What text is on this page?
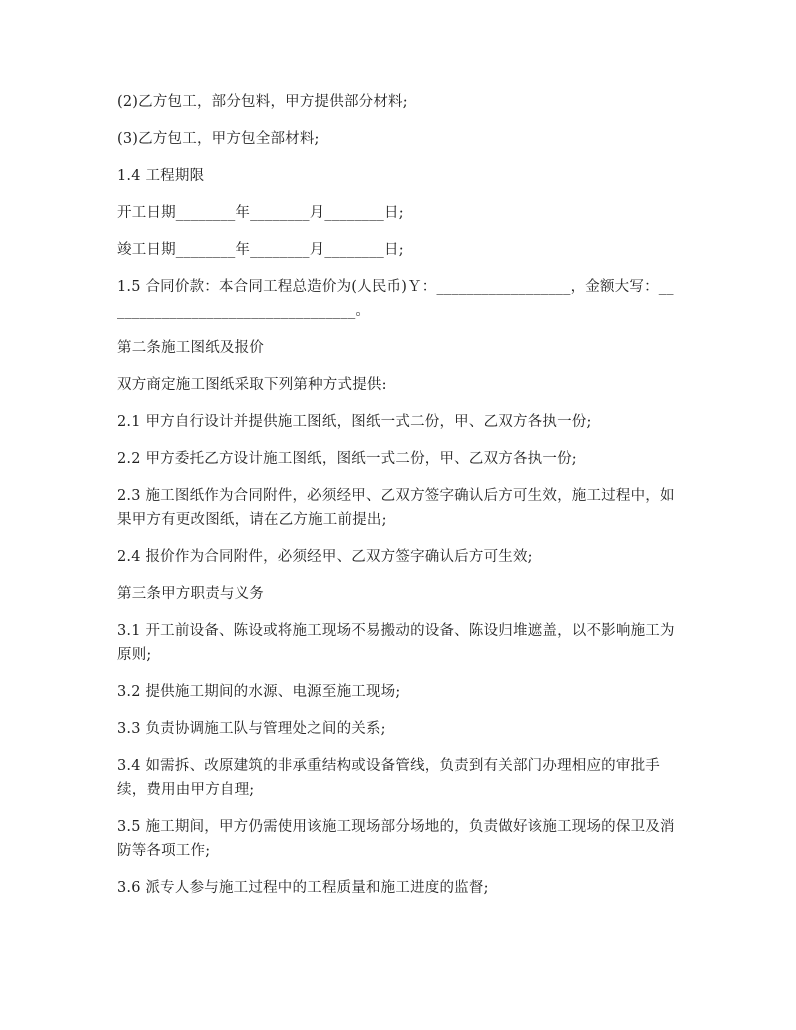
(2)乙方包工，部分包料，甲方提供部分材料;

(3)乙方包工，甲方包全部材料;

1.4 工程期限

开工日期________年________月________日;

竣工日期________年________月________日;

1.5 合同价款：本合同工程总造价为(人民币)Ｙ：__________________，金额大写：__________________________________。

第二条施工图纸及报价

双方商定施工图纸采取下列第种方式提供:

2.1 甲方自行设计并提供施工图纸，图纸一式二份，甲、乙双方各执一份;

2.2 甲方委托乙方设计施工图纸，图纸一式二份，甲、乙双方各执一份;

2.3 施工图纸作为合同附件，必须经甲、乙双方签字确认后方可生效，施工过程中，如果甲方有更改图纸，请在乙方施工前提出;

2.4 报价作为合同附件，必须经甲、乙双方签字确认后方可生效;

第三条甲方职责与义务

3.1 开工前设备、陈设或将施工现场不易搬动的设备、陈设归堆遮盖，以不影响施工为原则;

3.2 提供施工期间的水源、电源至施工现场;

3.3 负责协调施工队与管理处之间的关系;

3.4 如需拆、改原建筑的非承重结构或设备管线，负责到有关部门办理相应的审批手续，费用由甲方自理;

3.5 施工期间，甲方仍需使用该施工现场部分场地的，负责做好该施工现场的保卫及消防等各项工作;

3.6 派专人参与施工过程中的工程质量和施工进度的监督;
